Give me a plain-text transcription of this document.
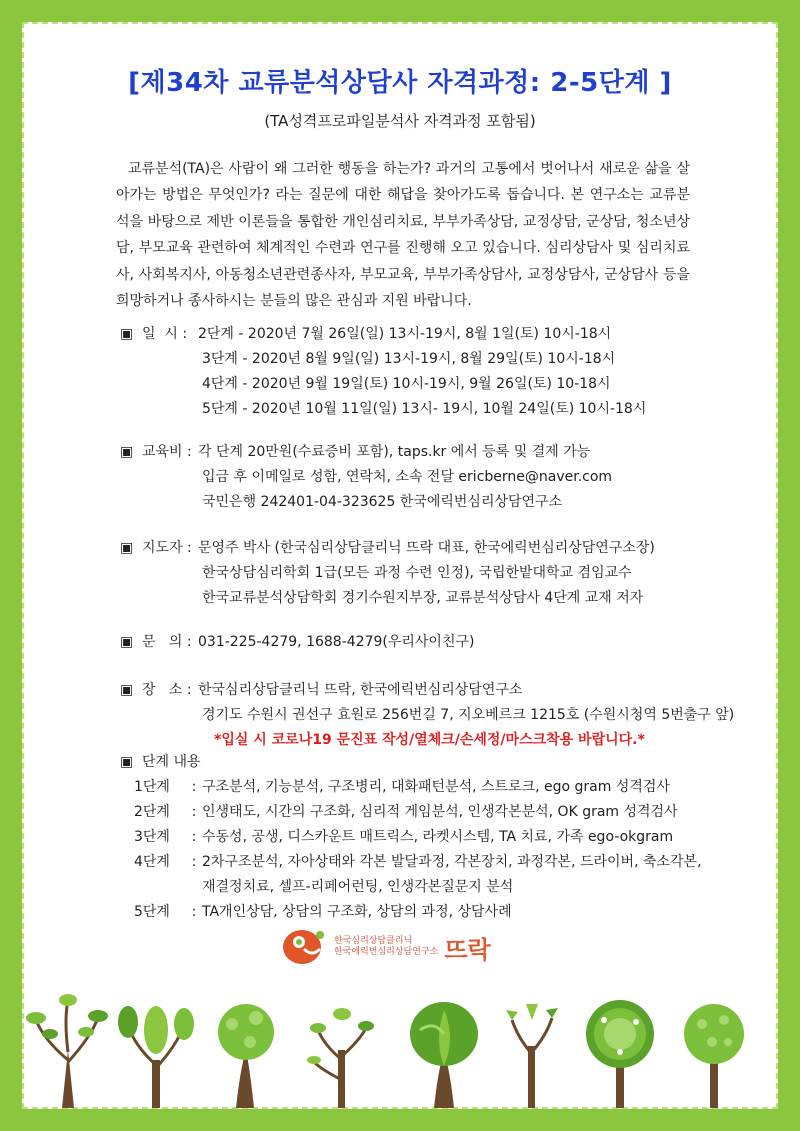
[제34차 교류분석상담사 자격과정: 2-5단계 ]
(TA성격프로파일분석사 자격과정 포함됨)
교류분석(TA)은 사람이 왜 그러한 행동을 하는가? 과거의 고통에서 벗어나서 새로운 삶을 살아가는 방법은 무엇인가? 라는 질문에 대한 해답을 찾아가도록 돕습니다. 본 연구소는 교류분석을 바탕으로 제반 이론들을 통합한 개인심리치료, 부부가족상담, 교정상담, 군상담, 청소년상담, 부모교육 관련하여 체계적인 수련과 연구를 진행해 오고 있습니다. 심리상담사 및 심리치료사, 사회복지사, 아동청소년관련종사자, 부모교육, 부부가족상담사, 교정상담사, 군상담사 등을 희망하거나 종사하시는 분들의 많은 관심과 지원 바랍니다.
▣ 일  시 : 2단계 - 2020년 7월 26일(일) 13시-19시, 8월 1일(토) 10시-18시
3단계 - 2020년 8월 9일(일) 13시-19시, 8월 29일(토) 10시-18시
4단계 - 2020년 9월 19일(토) 10시-19시, 9월 26일(토) 10-18시
5단계 - 2020년 10월 11일(일) 13시- 19시, 10월 24일(토) 10시-18시
▣ 교육비 : 각 단계 20만원(수료증비 포함), taps.kr 에서 등록 및 결제 가능
입금 후 이메일로 성함, 연락처, 소속 전달 ericberne@naver.com
국민은행 242401-04-323625 한국에릭번심리상담연구소
▣ 지도자 : 문영주 박사 (한국심리상담클리닉 뜨락 대표, 한국에릭번심리상담연구소장)
한국상담심리학회 1급(모든 과정 수련 인정), 국립한밭대학교 겸임교수
한국교류분석상담학회 경기수원지부장, 교류분석상담사 4단계 교재 저자
▣ 문   의 : 031-225-4279, 1688-4279(우리사이친구)
▣ 장   소 : 한국심리상담클리닉 뜨락, 한국에릭번심리상담연구소
경기도 수원시 권선구 효원로 256번길 7, 지오베르크 1215호 (수원시청역 5번출구 앞)
*입실 시 코로나19 문진표 작성/열체크/손세정/마스크착용 바랍니다.*
▣ 단계 내용
1단계	: 구조분석, 기능분석, 구조병리, 대화패턴분석, 스트로크, ego gram 성격검사
2단계	: 인생태도, 시간의 구조화, 심리적 게임분석, 인생각본분석, OK gram 성격검사
3단계	: 수동성, 공생, 디스카운트 매트릭스, 라켓시스템, TA 치료, 가족 ego-okgram
4단계	: 2차구조분석, 자아상태와 각본 발달과정, 각본장치, 과정각본, 드라이버, 축소각본,
재결정치료, 셀프-리페어런팅, 인생각본질문지 분석
5단계	: TA개인상담, 상담의 구조화, 상담의 과정, 상담사례
한국심리상담클리닉
한국에릭번심리상담연구소 뜨락
